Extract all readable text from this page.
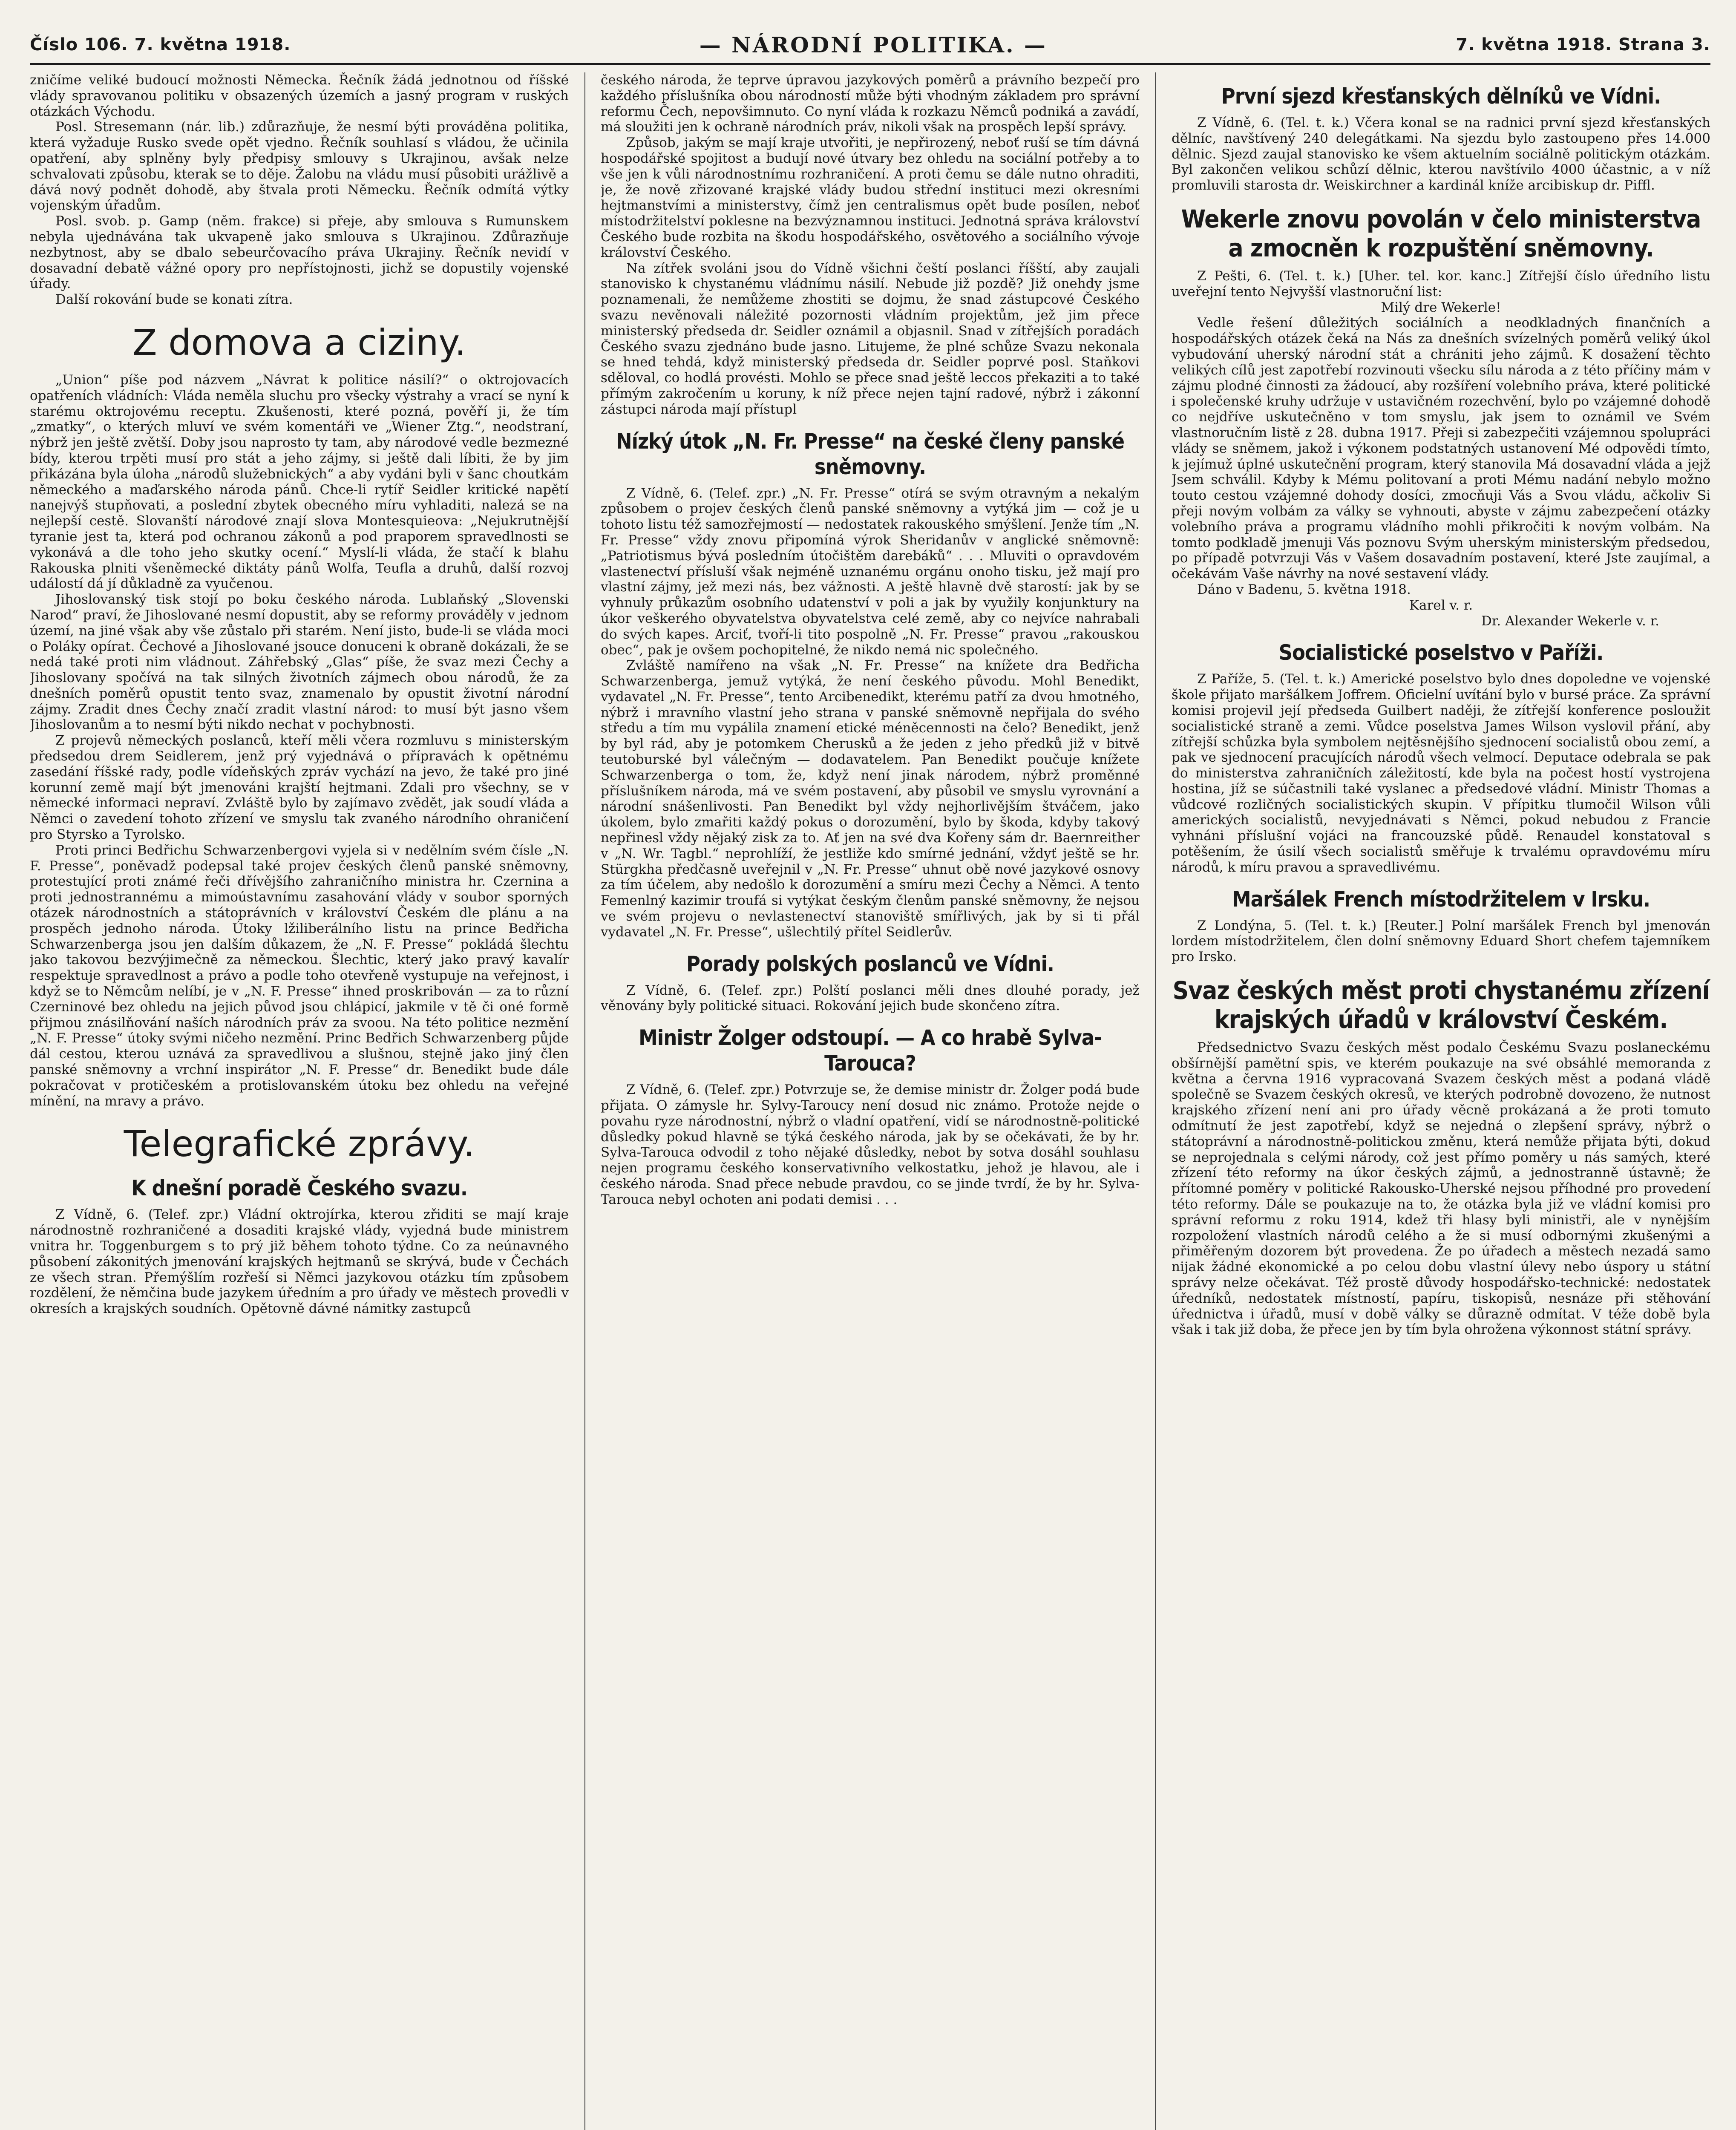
Číslo 106. 7. května 1918.	— NÁRODNÍ POLITIKA. —	7. května 1918. Strana 3.

zničíme veliké budoucí možnosti Německa. Řečník žádá jednotnou od říšské vlády spravovanou politiku v obsazených územích a jasný program v ruských otázkách Východu.

Posl. Stresemann (nár. lib.) zdůrazňuje, že nesmí býti prováděna politika, která vyžaduje Rusko svede opět vjedno. Řečník souhlasí s vládou, že učinila opatření, aby splněny byly předpisy smlouvy s Ukrajinou, avšak nelze schvalovati způsobu, kterak se to děje. Žalobu na vládu musí působiti urážlivě a dává nový podnět dohodě, aby štvala proti Německu. Řečník odmítá výtky vojenským úřadům.

Posl. svob. p. Gamp (něm. frakce) si přeje, aby smlouva s Rumunskem nebyla ujednávána tak ukvapeně jako smlouva s Ukrajinou. Zdůrazňuje nezbytnost, aby se dbalo sebeurčovacího práva Ukrajiny. Řečník nevidí v dosavadní debatě vážné opory pro nepřístojnosti, jichž se dopustily vojenské úřady.

Další rokování bude se konati zítra.

Z domova a ciziny.

„Union“ píše pod názvem „Návrat k politice násilí?“ o oktrojovacích opatřeních vládních: Vláda neměla sluchu pro všecky výstrahy a vrací se nyní k starému oktrojovému receptu. Zkušenosti, které pozná, pověří ji, že tím „zmatky“, o kterých mluví ve svém komentáři ve „Wiener Ztg.“, neodstraní, nýbrž jen ještě zvětší. Doby jsou naprosto ty tam, aby národové vedle bezmezné bídy, kterou trpěti musí pro stát a jeho zájmy, si ještě dali líbiti, že by jim přikázána byla úloha „národů služebnických“ a aby vydáni byli v šanc choutkám německého a maďarského národa pánů. Chce-li rytíř Seidler kritické napětí nanejvýš stupňovati, a poslední zbytek obecného míru vyhladiti, nalezá se na nejlepší cestě. Slovanští národové znají slova Montesquieova: „Nejukrutnější tyranie jest ta, která pod ochranou zákonů a pod praporem spravedlnosti se vykonává a dle toho jeho skutky ocení.“ Myslí-li vláda, že stačí k blahu Rakouska plniti všeněmecké diktáty pánů Wolfa, Teufla a druhů, další rozvoj událostí dá jí důkladně za vyučenou.

Jihoslovanský tisk stojí po boku českého národa. Lublaňský „Slovenski Narod“ praví, že Jihoslované nesmí dopustit, aby se reformy prováděly v jednom území, na jiné však aby vše zůstalo při starém. Není jisto, bude-li se vláda moci o Poláky opírat. Čechové a Jihoslované jsouce donuceni k obraně dokázali, že se nedá také proti nim vládnout. Záhřebský „Glas“ píše, že svaz mezi Čechy a Jihoslovany spočívá na tak silných životních zájmech obou národů, že za dnešních poměrů opustit tento svaz, znamenalo by opustit životní národní zájmy. Zradit dnes Čechy značí zradit vlastní národ: to musí být jasno všem Jihoslovanům a to nesmí býti nikdo nechat v pochybnosti.

Z projevů německých poslanců, kteří měli včera rozmluvu s ministerským předsedou drem Seidlerem, jenž prý vyjednává o přípravách k opětnému zasedání říšské rady, podle vídeňských zpráv vychází na jevo, že také pro jiné korunní země mají být jmenováni krajští hejtmani. Zdali pro všechny, se v německé informaci nepraví. Zvláště bylo by zajímavo zvědět, jak soudí vláda a Němci o zavedení tohoto zřízení ve smyslu tak zvaného národního ohraničení pro Styrsko a Tyrolsko.

Proti princi Bedřichu Schwarzenbergovi vyjela si v nedělním svém čísle „N. F. Presse“, poněvadž podepsal také projev českých členů panské sněmovny, protestující proti známé řeči dřívějšího zahraničního ministra hr. Czernina a proti jednostrannému a mimoústavnímu zasahování vlády v soubor sporných otázek národnostních a státoprávních v království Českém dle plánu a na prospěch jednoho národa. Útoky lžiliberálního listu na prince Bedřicha Schwarzenberga jsou jen dalším důkazem, že „N. F. Presse“ pokládá šlechtu jako takovou bezvýjimečně za německou. Šlechtic, který jako pravý kavalír respektuje spravedlnost a právo a podle toho otevřeně vystupuje na veřejnost, i když se to Němcům nelíbí, je v „N. F. Presse“ ihned proskribován — za to různí Czerninové bez ohledu na jejich původ jsou chlápicí, jakmile v tě či oné formě přijmou znásilňování naších národních práv za svoou. Na této politice nezmění „N. F. Presse“ útoky svými ničeho nezmění. Princ Bedřich Schwarzenberg půjde dál cestou, kterou uznává za spravedlivou a slušnou, stejně jako jiný člen panské sněmovny a vrchní inspirátor „N. F. Presse“ dr. Benedikt bude dále pokračovat v protičeském a protislovanském útoku bez ohledu na veřejné mínění, na mravy a právo.

Telegrafické zprávy.
K dnešní poradě Českého svazu.

Z Vídně, 6. (Telef. zpr.) Vládní oktrojírka, kterou zřiditi se mají kraje národnostně rozhraničené a dosaditi krajské vlády, vyjedná bude ministrem vnitra hr. Toggenburgem s to prý již během tohoto týdne. Co za neúnavného působení zákonitých jmenování krajských hejtmanů se skrývá, bude v Čechách ze všech stran. Přemýšlím rozřeší si Němci jazykovou otázku tím způsobem rozdělení, že němčina bude jazykem úředním a pro úřady ve městech provedli v okresích a krajských soudních. Opětovně dávné námitky zastupců

českého národa, že teprve úpravou jazykových poměrů a právního bezpečí pro každého příslušníka obou národností může býti vhodným základem pro správní reformu Čech, nepovšimnuto. Co nyní vláda k rozkazu Němců podniká a zavádí, má sloužiti jen k ochraně národních práv, nikoli však na prospěch lepší správy.

Způsob, jakým se mají kraje utvořiti, je nepřirozený, neboť ruší se tím dávná hospodářské spojitost a budují nové útvary bez ohledu na sociální potřeby a to vše jen k vůli národnostnímu rozhraničení. A proti čemu se dále nutno ohraditi, je, že nově zřizované krajské vlády budou střední instituci mezi okresními hejtmanstvími a ministerstvy, čímž jen centralismus opět bude posílen, neboť místodržitelství poklesne na bezvýznamnou instituci. Jednotná správa království Českého bude rozbita na škodu hospodářského, osvětového a sociálního vývoje království Českého.

Na zítřek svoláni jsou do Vídně všichni čeští poslanci říšští, aby zaujali stanovisko k chystanému vládnímu násilí. Nebude již pozdě? Již onehdy jsme poznamenali, že nemůžeme zhostiti se dojmu, že snad zástupcové Českého svazu nevěnovali náležité pozornosti vládním projektům, jež jim přece ministerský předseda dr. Seidler oznámil a objasnil. Snad v zítřejších poradách Českého svazu zjednáno bude jasno. Litujeme, že plné schůze Svazu nekonala se hned tehdá, když ministerský předseda dr. Seidler poprvé posl. Staňkovi sděloval, co hodlá provésti. Mohlo se přece snad ještě leccos překaziti a to také přímým zakročením u koruny, k níž přece nejen tajní radové, nýbrž i zákonní zástupci národa mají přístupl

Nízký útok „N. Fr. Presse“ na české členy panské sněmovny.

Z Vídně, 6. (Telef. zpr.) „N. Fr. Presse“ otírá se svým otravným a nekalým způsobem o projev českých členů panské sněmovny a vytýká jim — což je u tohoto listu též samozřejmostí — nedostatek rakouského smýšlení. Jenže tím „N. Fr. Presse“ vždy znovu připomíná výrok Sheridanův v anglické sněmovně: „Patriotismus bývá posledním útočištěm darebáků“ . . . Mluviti o opravdovém vlastenectví přísluší však nejméně uznanému orgánu onoho tisku, jež mají pro vlastní zájmy, jež mezi nás, bez vážnosti. A ještě hlavně dvě starostí: jak by se vyhnuly průkazům osobního udatenství v poli a jak by využily konjunktury na úkor veškerého obyvatelstva obyvatelstva celé země, aby co nejvíce nahrabali do svých kapes. Arciť, tvoří-li tito pospolně „N. Fr. Presse“ pravou „rakouskou obec“, pak je ovšem pochopitelné, že nikdo nemá nic společného.

Zvláště namířeno na však „N. Fr. Presse“ na knížete dra Bedřicha Schwarzenberga, jemuž vytýká, že není českého původu. Mohl Benedikt, vydavatel „N. Fr. Presse“, tento Arcibenedikt, kterému patří za dvou hmotného, nýbrž i mravního vlastní jeho strana v panské sněmovně nepřijala do svého středu a tím mu vypálila znamení etické méněcennosti na čelo? Benedikt, jenž by byl rád, aby je potomkem Cherusků a že jeden z jeho předků již v bitvě teutoburské byl válečným — dodavatelem. Pan Benedikt poučuje knížete Schwarzenberga o tom, že, když není jinak národem, nýbrž proměnné příslušníkem národa, má ve svém postavení, aby působil ve smyslu vyrovnání a národní snášenlivosti. Pan Benedikt byl vždy nejhorlivějším štváčem, jako úkolem, bylo zmařiti každý pokus o dorozumění, bylo by škoda, kdyby takový nepřinesl vždy nějaký zisk za to. Ať jen na své dva Kořeny sám dr. Baernreither v „N. Wr. Tagbl.“ neprohlíží, že jestliže kdo smírné jednání, vždyť ještě se hr. Stürgkha předčasně uveřejnil v „N. Fr. Presse“ uhnut obě nové jazykové osnovy za tím účelem, aby nedošlo k dorozumění a smíru mezi Čechy a Němci. A tento Femenlný kazimir troufá si vytýkat českým členům panské sněmovny, že nejsou ve svém projevu o nevlastenectví stanoviště smířlivých, jak by si ti přál vydavatel „N. Fr. Presse“, ušlechtilý přítel Seidlerův.

Porady polských poslanců ve Vídni.

Z Vídně, 6. (Telef. zpr.) Polští poslanci měli dnes dlouhé porady, jež věnovány byly politické situaci. Rokování jejich bude skončeno zítra.

Ministr Žolger odstoupí. — A co hrabě Sylva-Tarouca?

Z Vídně, 6. (Telef. zpr.) Potvrzuje se, že demise ministr dr. Žolger podá bude přijata. O zámysle hr. Sylvy-Taroucy není dosud nic známo. Protože nejde o povahu ryze národnostní, nýbrž o vladní opatření, vidí se národnostně-politické důsledky pokud hlavně se týká českého národa, jak by se očekávati, že by hr. Sylva-Tarouca odvodil z toho nějaké důsledky, nebot by sotva dosáhl souhlasu nejen programu českého konservativního velkostatku, jehož je hlavou, ale i českého národa. Snad přece nebude pravdou, co se jinde tvrdí, že by hr. Sylva-Tarouca nebyl ochoten ani podati demisi . . .

První sjezd křesťanských dělníků ve Vídni.

Z Vídně, 6. (Tel. t. k.) Včera konal se na radnici první sjezd křesťanských dělníc, navštívený 240 delegátkami. Na sjezdu bylo zastoupeno přes 14.000 dělnic. Sjezd zaujal stanovisko ke všem aktuelním sociálně politickým otázkám. Byl zakončen velikou schůzí dělnic, kterou navštívilo 4000 účastnic, a v níž promluvili starosta dr. Weiskirchner a kardinál kníže arcibiskup dr. Piffl.

Wekerle znovu povolán v čelo ministerstva a zmocněn k rozpuštění sněmovny.

Z Pešti, 6. (Tel. t. k.) [Uher. tel. kor. kanc.] Zítřejší číslo úředního listu uveřejní tento Nejvyšší vlastnoruční list:

Milý dre Wekerle!

Vedle řešení důležitých sociálních a neodkladných finančních a hospodářských otázek čeká na Nás za dnešních svízelných poměrů veliký úkol vybudování uherský národní stát a chrániti jeho zájmů. K dosažení těchto velikých cílů jest zapotřebí rozvinouti všecku sílu národa a z této příčiny mám v zájmu plodné činnosti za žádoucí, aby rozšíření volebního práva, které politické i společenské kruhy udržuje v ustavičném rozechvění, bylo po vzájemné dohodě co nejdříve uskutečněno v tom smyslu, jak jsem to oznámil ve Svém vlastnoručním listě z 28. dubna 1917. Přeji si zabezpečiti vzájemnou spolupráci vlády se sněmem, jakož i výkonem podstatných ustanovení Mé odpovědi tímto, k jejímuž úplné uskutečnění program, který stanovila Má dosavadní vláda a jejž Jsem schválil. Kdyby k Mému politovaní a proti Mému nadání nebylo možno touto cestou vzájemné dohody dosíci, zmocňuji Vás a Svou vládu, ačkoliv Si přeji novým volbám za války se vyhnouti, abyste v zájmu zabezpečení otázky volebního práva a programu vládního mohli přikročiti k novým volbám. Na tomto podkladě jmenuji Vás poznovu Svým uherským ministerským předsedou, po případě potvrzuji Vás v Vašem dosavadním postavení, které Jste zaujímal, a očekávám Vaše návrhy na nové sestavení vlády.

Dáno v Badenu, 5. května 1918.

Karel v. r.

Dr. Alexander Wekerle v. r.

Socialistické poselstvo v Paříži.

Z Paříže, 5. (Tel. t. k.) Americké poselstvo bylo dnes dopoledne ve vojenské škole přijato maršálkem Joffrem. Oficielní uvítání bylo v bursé práce. Za správní komisi projevil její předseda Guilbert naději, že zítřejší konference posloužit socialistické straně a zemi. Vůdce poselstva James Wilson vyslovil přání, aby zítřejší schůzka byla symbolem nejtěsnějšího sjednocení socialistů obou zemí, a pak ve sjednocení pracujících národů všech velmocí. Deputace odebrala se pak do ministerstva zahraničních záležitostí, kde byla na počest hostí vystrojena hostina, jíž se súčastnili také vyslanec a předsedové vládní. Ministr Thomas a vůdcové rozličných socialistických skupin. V přípitku tlumočil Wilson vůli amerických socialistů, nevyjednávati s Němci, pokud nebudou z Francie vyhnáni příslušní vojáci na francouzské půdě. Renaudel konstatoval s potěšením, že úsilí všech socialistů směřuje k trvalému opravdovému míru národů, k míru pravou a spravedlivému.

Maršálek French místodržitelem v Irsku.

Z Londýna, 5. (Tel. t. k.) [Reuter.] Polní maršálek French byl jmenován lordem místodržitelem, člen dolní sněmovny Eduard Short chefem tajemníkem pro Irsko.

Svaz českých měst proti chystanému zřízení krajských úřadů v království Českém.

Předsednictvo Svazu českých měst podalo Českému Svazu poslaneckému obšírnější pamětní spis, ve kterém poukazuje na své obsáhlé memoranda z května a června 1916 vypracovaná Svazem českých měst a podaná vládě společně se Svazem českých okresů, ve kterých podrobně dovozeno, že nutnost krajského zřízení není ani pro úřady věcně prokázaná a že proti tomuto odmítnutí že jest zapotřebí, když se nejedná o zlepšení správy, nýbrž o státoprávní a národnostně-politickou změnu, která nemůže přijata býti, dokud se neprojednala s celými národy, což jest přímo poměry u nás samých, které zřízení této reformy na úkor českých zájmů, a jednostranně ústavně; že přítomné poměry v politické Rakousko-Uherské nejsou příhodné pro provedení této reformy. Dále se poukazuje na to, že otázka byla již ve vládní komisi pro správní reformu z roku 1914, kdež tři hlasy byli ministři, ale v nynějším rozpoložení vlastních národů celého a že si musí odbornými zkušenými a přiměřeným dozorem být provedena. Že po úřadech a městech nezadá samo nijak žádné ekonomické a po celou dobu vlastní úlevy nebo úspory u státní správy nelze očekávat. Též prostě důvody hospodářsko-technické: nedostatek úředníků, nedostatek místností, papíru, tiskopisů, nesnáze při stěhování úřednictva i úřadů, musí v době války se důrazně odmítat. V téže době byla však i tak již doba, že přece jen by tím byla ohrožena výkonnost státní správy.
